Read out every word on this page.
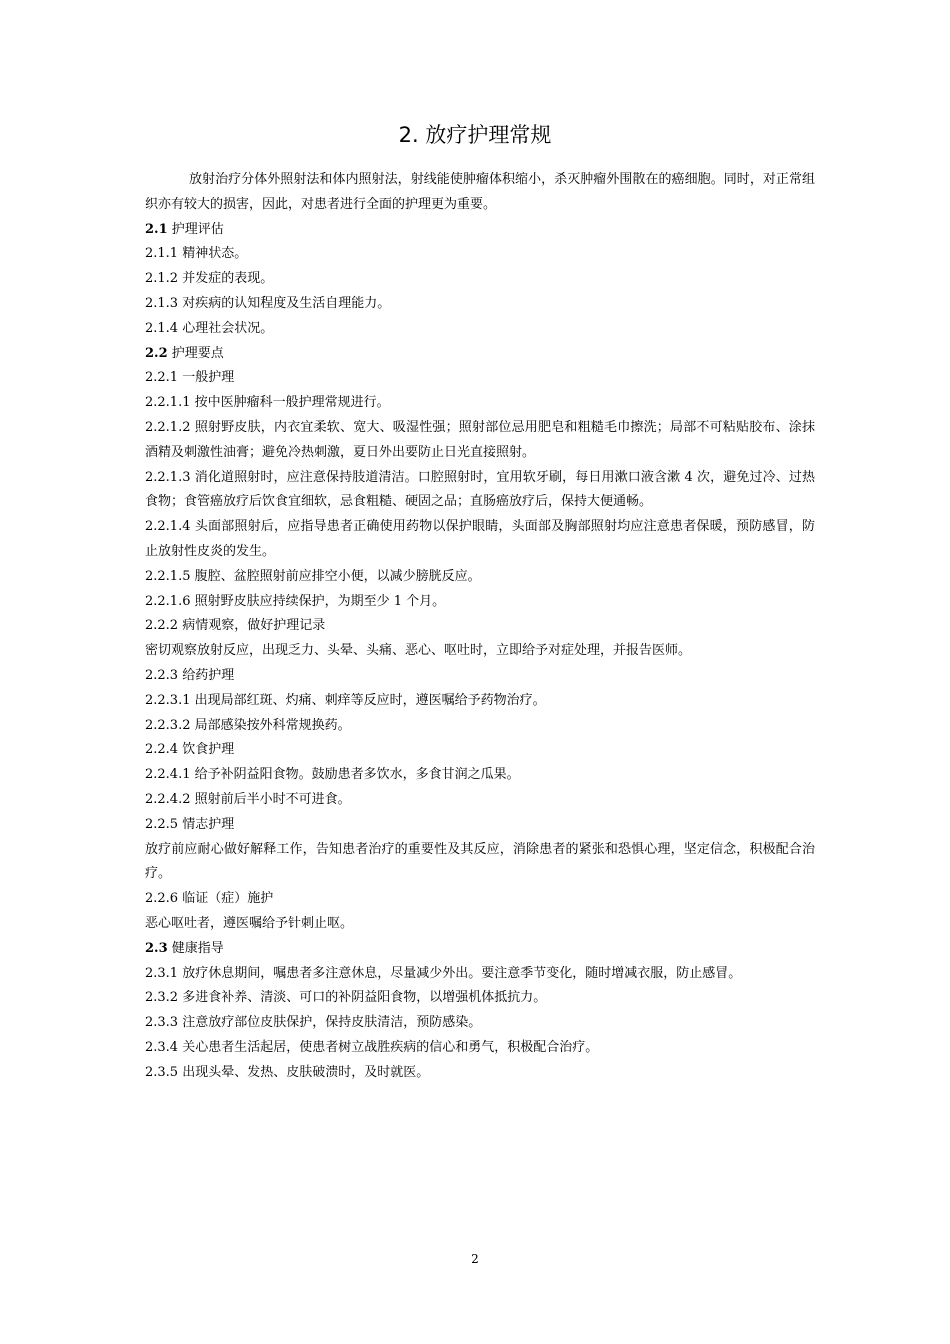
2. 放疗护理常规

放射治疗分体外照射法和体内照射法，射线能使肿瘤体积缩小，杀灭肿瘤外围散在的癌细胞。同时，对正常组织亦有较大的损害，因此，对患者进行全面的护理更为重要。

2.1 护理评估

2.1.1 精神状态。

2.1.2 并发症的表现。

2.1.3 对疾病的认知程度及生活自理能力。

2.1.4 心理社会状况。

2.2 护理要点

2.2.1 一般护理

2.2.1.1 按中医肿瘤科一般护理常规进行。

2.2.1.2 照射野皮肤，内衣宜柔软、宽大、吸湿性强；照射部位忌用肥皂和粗糙毛巾擦洗；局部不可粘贴胶布、涂抹酒精及刺激性油膏；避免冷热刺激，夏日外出要防止日光直接照射。

2.2.1.3 消化道照射时，应注意保持肢道清洁。口腔照射时，宜用软牙刷，每日用漱口液含漱 4 次，避免过冷、过热食物；食管癌放疗后饮食宜细软，忌食粗糙、硬固之品；直肠癌放疗后，保持大便通畅。

2.2.1.4 头面部照射后，应指导患者正确使用药物以保护眼睛，头面部及胸部照射均应注意患者保暖，预防感冒，防止放射性皮炎的发生。

2.2.1.5 腹腔、盆腔照射前应排空小便，以减少膀胱反应。

2.2.1.6 照射野皮肤应持续保护，为期至少 1 个月。

2.2.2 病情观察，做好护理记录

密切观察放射反应，出现乏力、头晕、头痛、恶心、呕吐时，立即给予对症处理，并报告医师。

2.2.3 给药护理

2.2.3.1 出现局部红斑、灼痛、刺痒等反应时，遵医嘱给予药物治疗。

2.2.3.2 局部感染按外科常规换药。

2.2.4 饮食护理

2.2.4.1 给予补阴益阳食物。鼓励患者多饮水，多食甘润之瓜果。

2.2.4.2 照射前后半小时不可进食。

2.2.5 情志护理

放疗前应耐心做好解释工作，告知患者治疗的重要性及其反应，消除患者的紧张和恐惧心理，坚定信念，积极配合治疗。

2.2.6 临证（症）施护

恶心呕吐者，遵医嘱给予针刺止呕。

2.3 健康指导

2.3.1 放疗休息期间，嘱患者多注意休息，尽量减少外出。要注意季节变化，随时增减衣服，防止感冒。

2.3.2 多进食补养、清淡、可口的补阴益阳食物，以增强机体抵抗力。

2.3.3 注意放疗部位皮肤保护，保持皮肤清洁，预防感染。

2.3.4 关心患者生活起居，使患者树立战胜疾病的信心和勇气，积极配合治疗。

2.3.5 出现头晕、发热、皮肤破溃时，及时就医。

2
